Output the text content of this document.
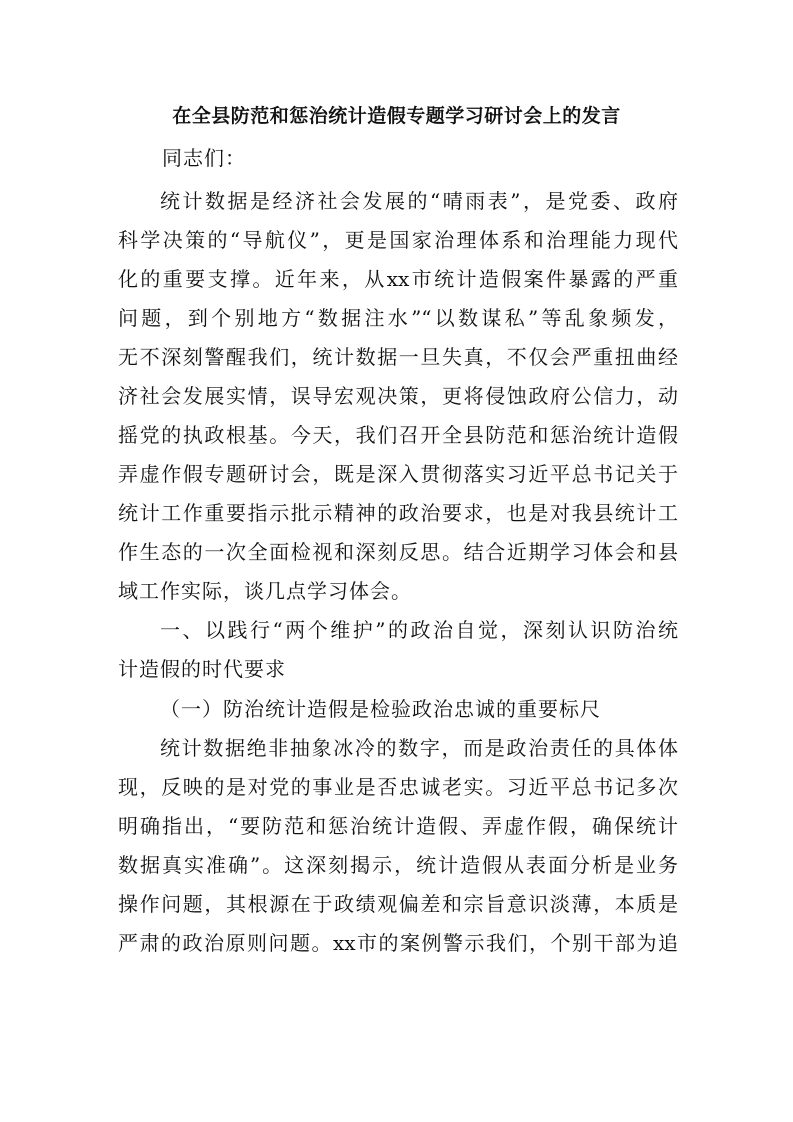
在全县防范和惩治统计造假专题学习研讨会上的发言
同志们：
统计数据是经济社会发展的“晴雨表”，是党委、政府
科学决策的“导航仪”，更是国家治理体系和治理能力现代
化的重要支撑。近年来，从xx市统计造假案件暴露的严重
问题，到个别地方“数据注水”“以数谋私”等乱象频发，
无不深刻警醒我们，统计数据一旦失真，不仅会严重扭曲经
济社会发展实情，误导宏观决策，更将侵蚀政府公信力，动
摇党的执政根基。今天，我们召开全县防范和惩治统计造假
弄虚作假专题研讨会，既是深入贯彻落实习近平总书记关于
统计工作重要指示批示精神的政治要求，也是对我县统计工
作生态的一次全面检视和深刻反思。结合近期学习体会和县
域工作实际，谈几点学习体会。
一、以践行“两个维护”的政治自觉，深刻认识防治统
计造假的时代要求
（一）防治统计造假是检验政治忠诚的重要标尺
统计数据绝非抽象冰冷的数字，而是政治责任的具体体
现，反映的是对党的事业是否忠诚老实。习近平总书记多次
明确指出，“要防范和惩治统计造假、弄虚作假，确保统计
数据真实准确”。这深刻揭示，统计造假从表面分析是业务
操作问题，其根源在于政绩观偏差和宗旨意识淡薄，本质是
严肃的政治原则问题。xx市的案例警示我们，个别干部为追
